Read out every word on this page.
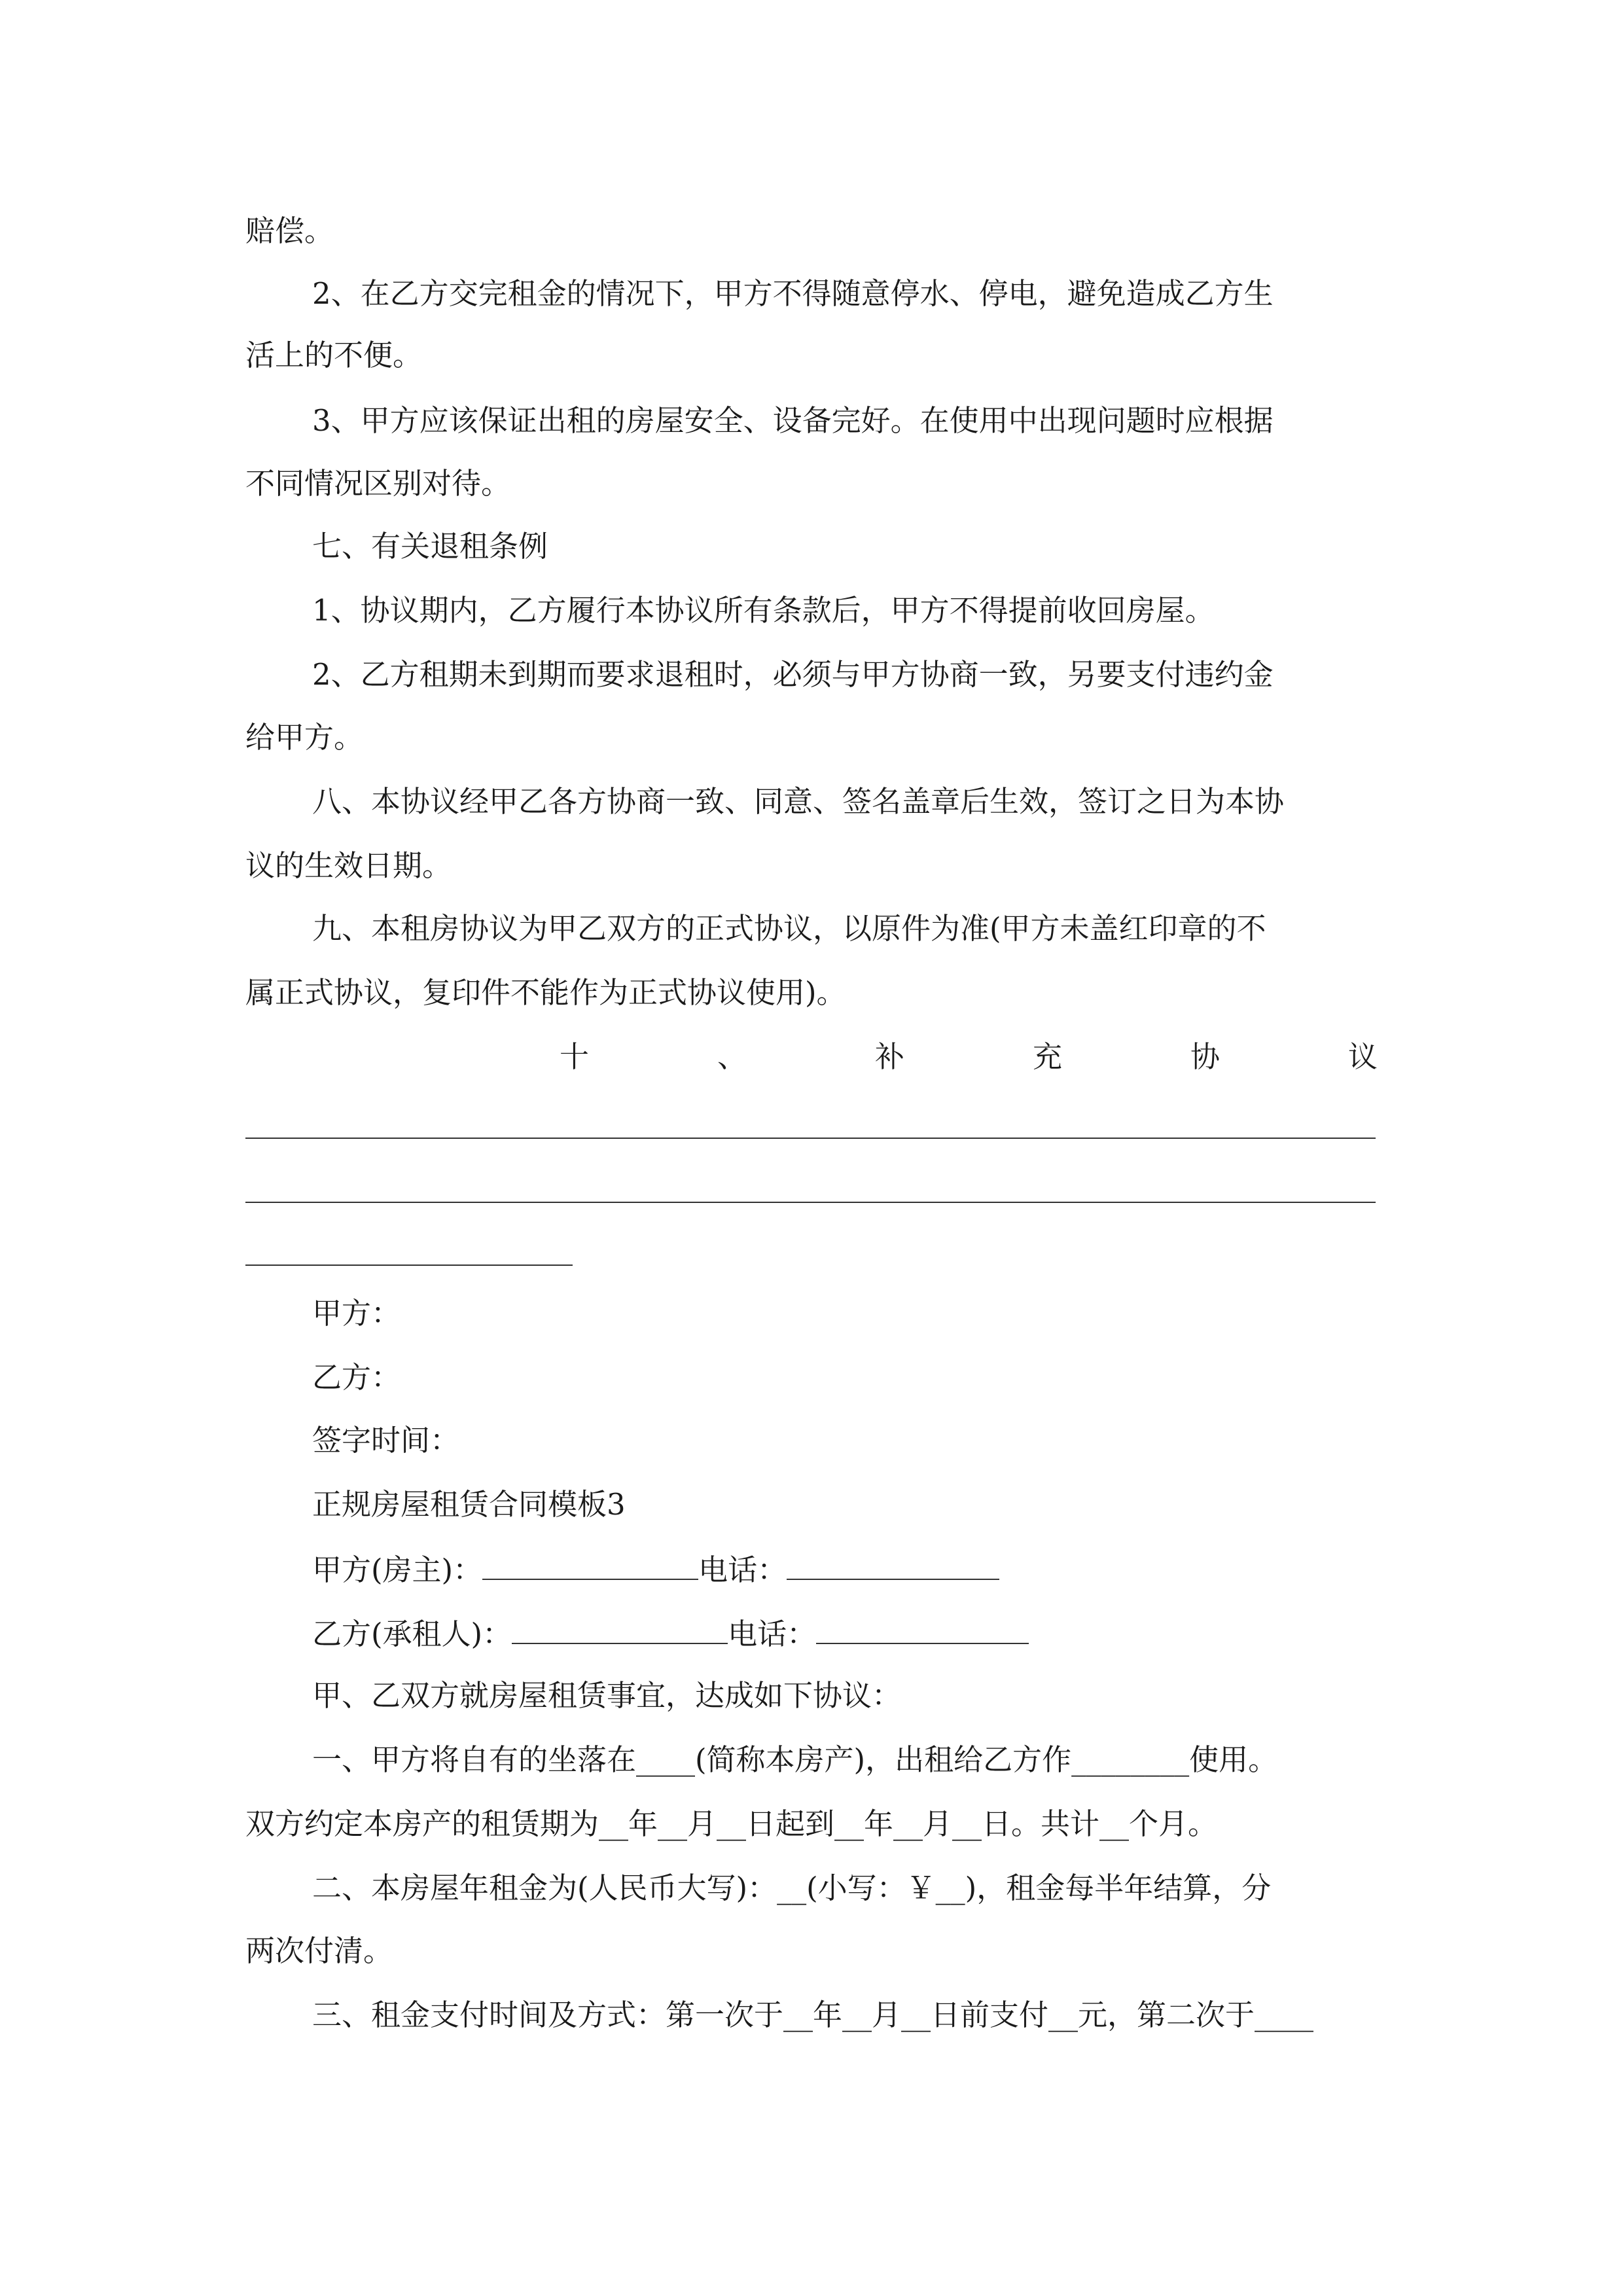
赔偿。
2、在乙方交完租金的情况下，甲方不得随意停水、停电，避免造成乙方生
活上的不便。
3、甲方应该保证出租的房屋安全、设备完好。在使用中出现问题时应根据
不同情况区别对待。
七、有关退租条例
1、协议期内，乙方履行本协议所有条款后，甲方不得提前收回房屋。
2、乙方租期未到期而要求退租时，必须与甲方协商一致，另要支付违约金
给甲方。
八、本协议经甲乙各方协商一致、同意、签名盖章后生效，签订之日为本协
议的生效日期。
九、本租房协议为甲乙双方的正式协议，以原件为准(甲方未盖红印章的不
属正式协议，复印件不能作为正式协议使用)。
十	、	补	充	协	议
甲方：
乙方：
签字时间：
正规房屋租赁合同模板3
甲方(房主)：	电话：
乙方(承租人)：	电话：
甲、乙双方就房屋租赁事宜，达成如下协议：
一、甲方将自有的坐落在____(简称本房产)，出租给乙方作________使用。
双方约定本房产的租赁期为__年__月__日起到__年__月__日。共计__个月。
二、本房屋年租金为(人民币大写)：__(小写：￥__)，租金每半年结算，分
两次付清。
三、租金支付时间及方式：第一次于__年__月__日前支付__元，第二次于____
